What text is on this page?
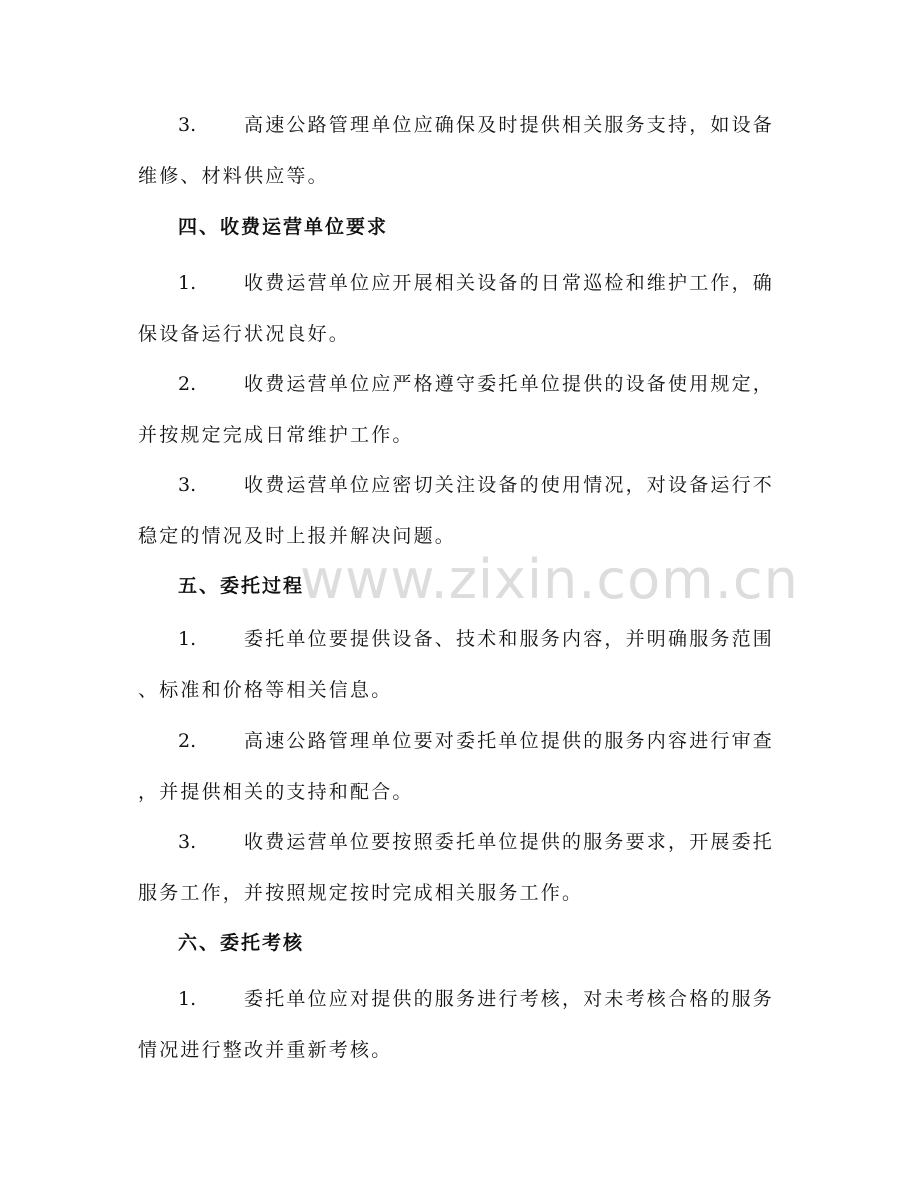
www.zixin.com.cn
3.	高速公路管理单位应确保及时提供相关服务支持，如设备
维修、材料供应等。
四、收费运营单位要求
1.	收费运营单位应开展相关设备的日常巡检和维护工作，确
保设备运行状况良好。
2.	收费运营单位应严格遵守委托单位提供的设备使用规定，
并按规定完成日常维护工作。
3.	收费运营单位应密切关注设备的使用情况，对设备运行不
稳定的情况及时上报并解决问题。
五、委托过程
1.	委托单位要提供设备、技术和服务内容，并明确服务范围
、标准和价格等相关信息。
2.	高速公路管理单位要对委托单位提供的服务内容进行审查
，并提供相关的支持和配合。
3.	收费运营单位要按照委托单位提供的服务要求，开展委托
服务工作，并按照规定按时完成相关服务工作。
六、委托考核
1.	委托单位应对提供的服务进行考核，对未考核合格的服务
情况进行整改并重新考核。
